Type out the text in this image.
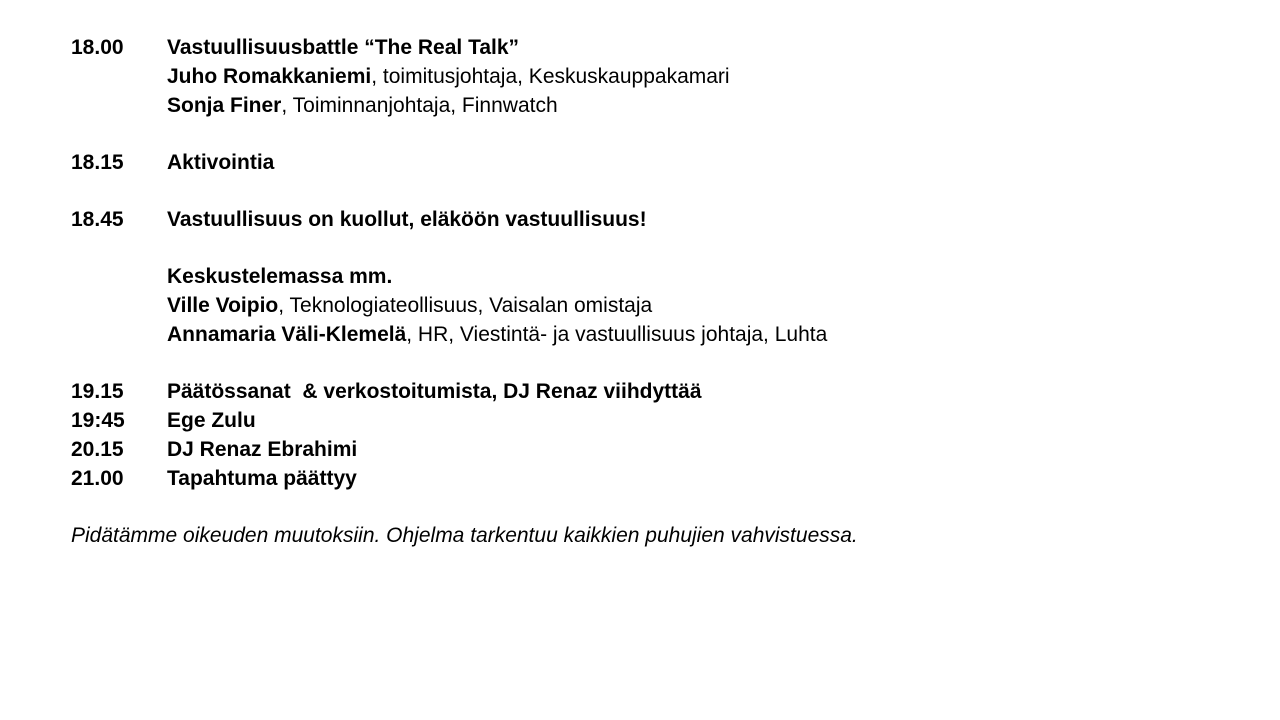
18.00	Vastuullisuusbattle “The Real Talk”
Juho Romakkaniemi, toimitusjohtaja, Keskuskauppakamari
Sonja Finer, Toiminnanjohtaja, Finnwatch
18.15	Aktivointia
18.45	Vastuullisuus on kuollut, eläköön vastuullisuus!
Keskustelemassa mm.
Ville Voipio, Teknologiateollisuus, Vaisalan omistaja
Annamaria Väli-Klemelä, HR, Viestintä- ja vastuullisuus johtaja, Luhta
19.15	Päätössanat  & verkostoitumista, DJ Renaz viihdyttää
19:45	Ege Zulu
20.15	DJ Renaz Ebrahimi
21.00	Tapahtuma päättyy
Pidätämme oikeuden muutoksiin. Ohjelma tarkentuu kaikkien puhujien vahvistuessa.
